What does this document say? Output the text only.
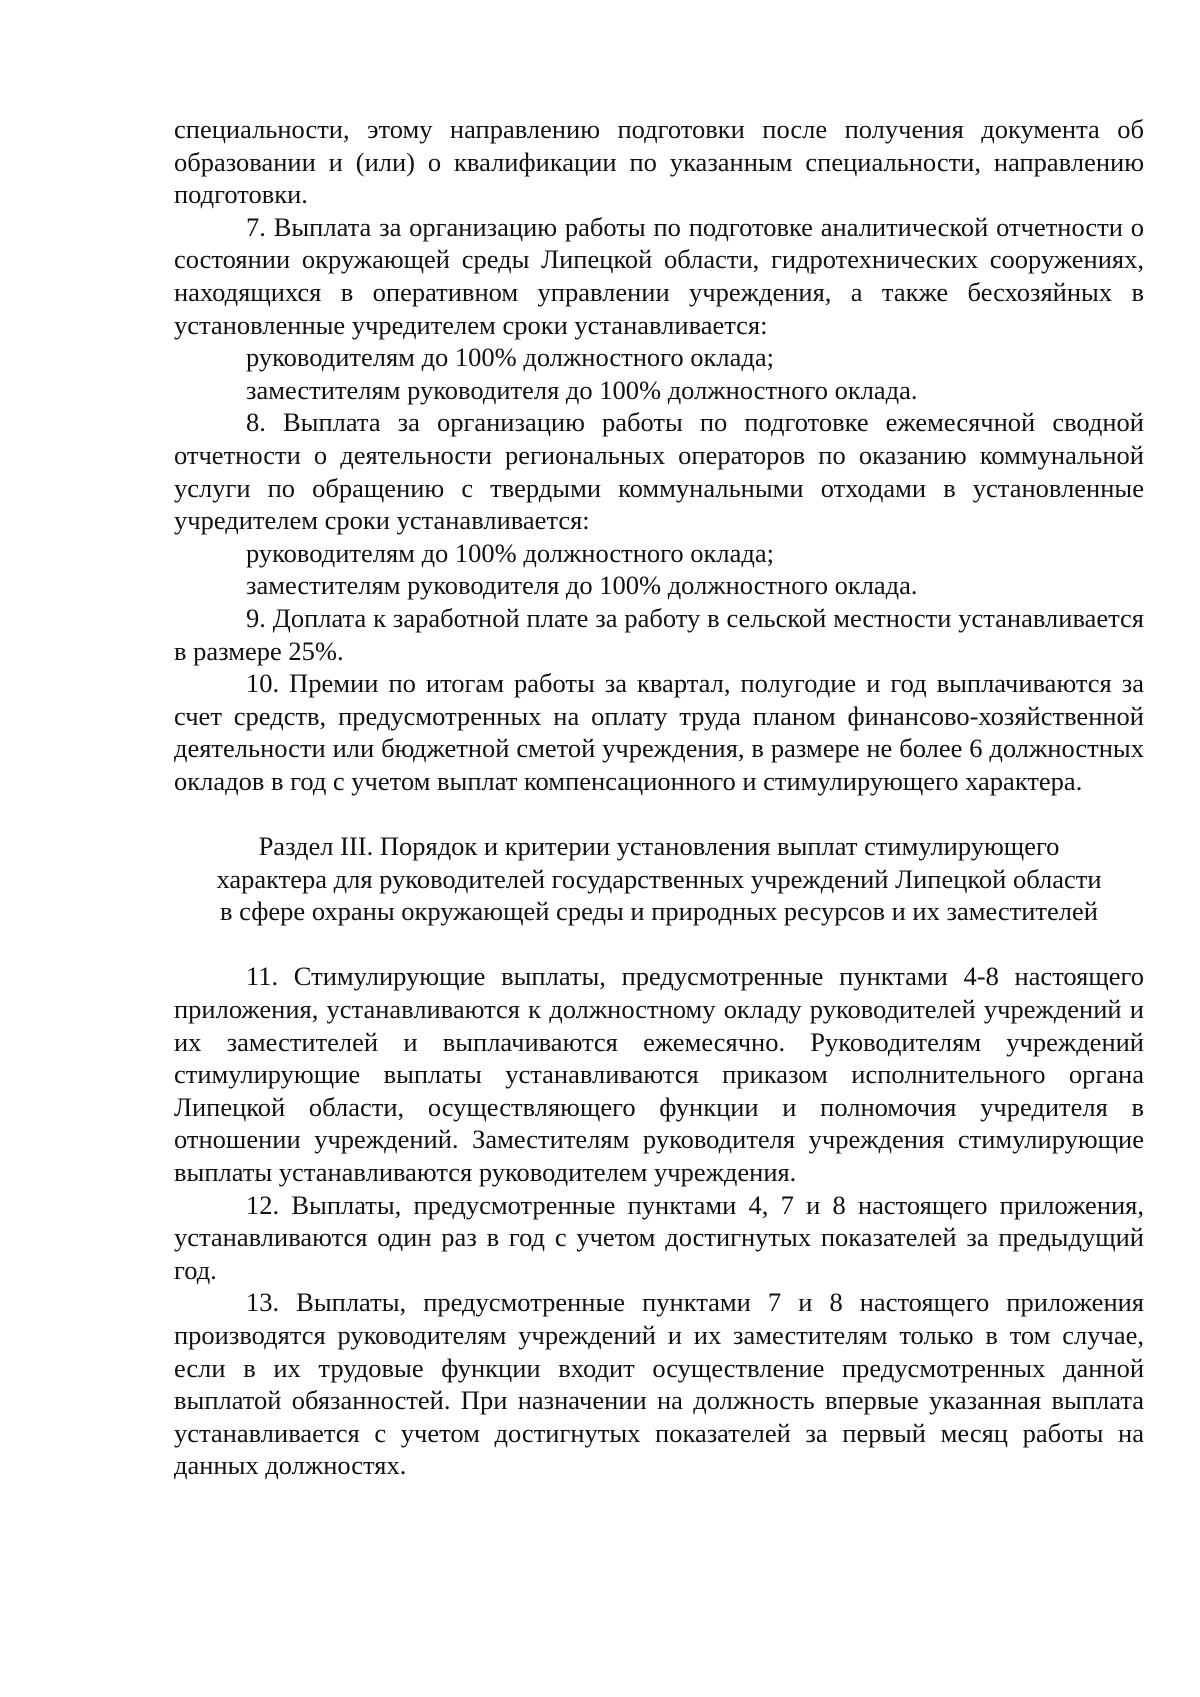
специальности, этому направлению подготовки после получения документа об образовании и (или) о квалификации по указанным специальности, направлению подготовки.

7. Выплата за организацию работы по подготовке аналитической отчетности о состоянии окружающей среды Липецкой области, гидротехнических сооружениях, находящихся в оперативном управлении учреждения, а также бесхозяйных в установленные учредителем сроки устанавливается:

руководителям до 100% должностного оклада;

заместителям руководителя до 100% должностного оклада.

8. Выплата за организацию работы по подготовке ежемесячной сводной отчетности о деятельности региональных операторов по оказанию коммунальной услуги по обращению с твердыми коммунальными отходами в установленные учредителем сроки устанавливается:

руководителям до 100% должностного оклада;

заместителям руководителя до 100% должностного оклада.

9. Доплата к заработной плате за работу в сельской местности устанавливается в размере 25%.

10. Премии по итогам работы за квартал, полугодие и год выплачиваются за счет средств, предусмотренных на оплату труда планом финансово-хозяйственной деятельности или бюджетной сметой учреждения, в размере не более 6 должностных окладов в год с учетом выплат компенсационного и стимулирующего характера.

Раздел III. Порядок и критерии установления выплат стимулирующего
характера для руководителей государственных учреждений Липецкой области
в сфере охраны окружающей среды и природных ресурсов и их заместителей

11. Стимулирующие выплаты, предусмотренные пунктами 4-8 настоящего приложения, устанавливаются к должностному окладу руководителей учреждений и их заместителей и выплачиваются ежемесячно. Руководителям учреждений стимулирующие выплаты устанавливаются приказом исполнительного органа Липецкой области, осуществляющего функции и полномочия учредителя в отношении учреждений. Заместителям руководителя учреждения стимулирующие выплаты устанавливаются руководителем учреждения.

12. Выплаты, предусмотренные пунктами 4, 7 и 8 настоящего приложения, устанавливаются один раз в год с учетом достигнутых показателей за предыдущий год.

13. Выплаты, предусмотренные пунктами 7 и 8 настоящего приложения производятся руководителям учреждений и их заместителям только в том случае, если в их трудовые функции входит осуществление предусмотренных данной выплатой обязанностей. При назначении на должность впервые указанная выплата устанавливается с учетом достигнутых показателей за первый месяц работы на данных должностях.
